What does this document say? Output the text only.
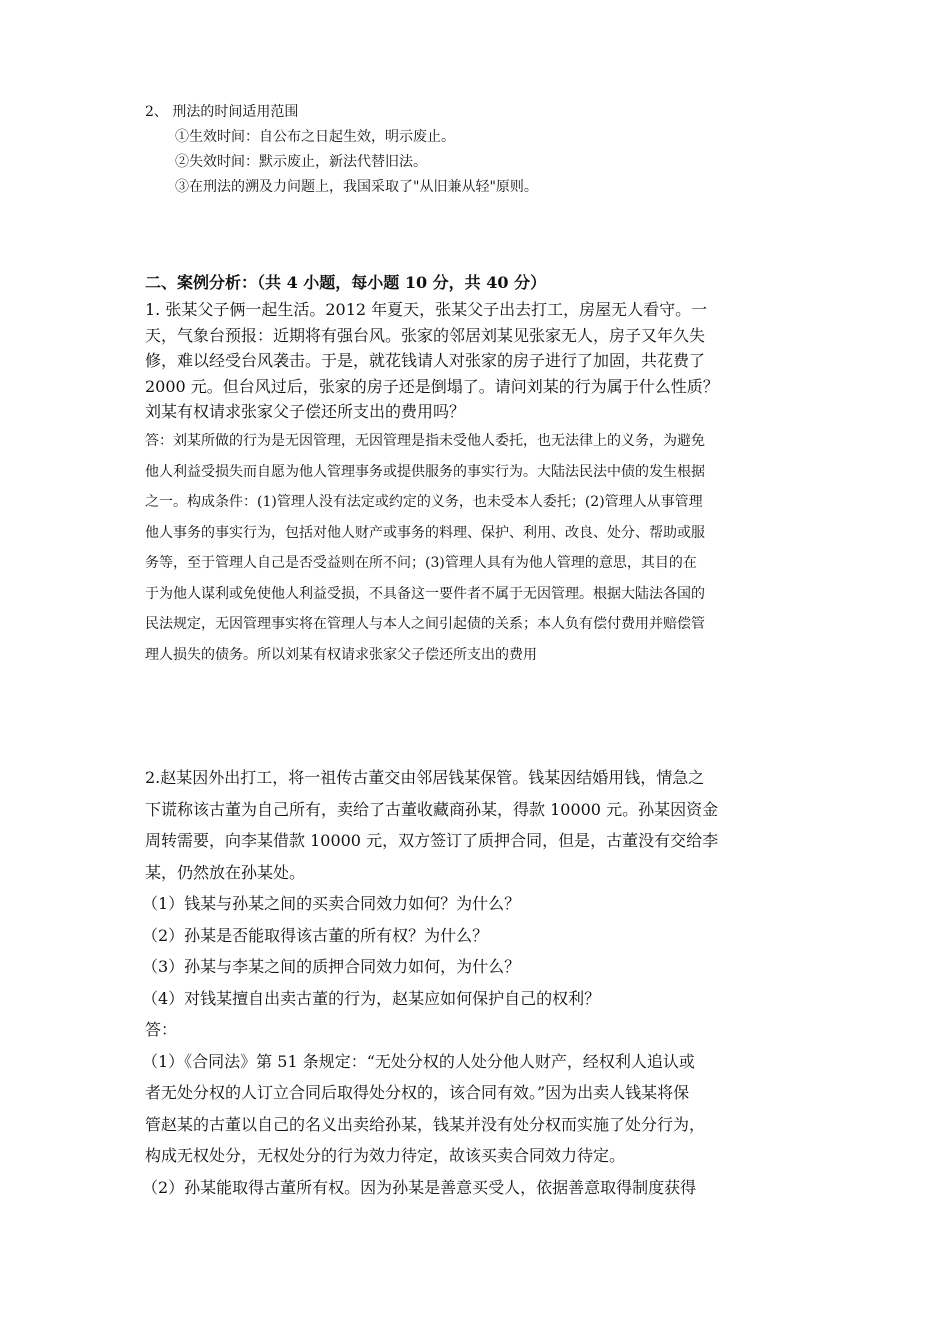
2、 刑法的时间适用范围
①生效时间：自公布之日起生效，明示废止。
②失效时间：默示废止，新法代替旧法。
③在刑法的溯及力问题上，我国采取了"从旧兼从轻"原则。
二、案例分析：（共 4 小题，每小题 10 分，共 40 分）
1. 张某父子俩一起生活。2012 年夏天，张某父子出去打工，房屋无人看守。一
天，气象台预报：近期将有强台风。张家的邻居刘某见张家无人，房子又年久失
修，难以经受台风袭击。于是，就花钱请人对张家的房子进行了加固，共花费了
2000 元。但台风过后，张家的房子还是倒塌了。请问刘某的行为属于什么性质？
刘某有权请求张家父子偿还所支出的费用吗？
答：刘某所做的行为是无因管理，无因管理是指未受他人委托，也无法律上的义务，为避免
他人利益受损失而自愿为他人管理事务或提供服务的事实行为。大陆法民法中债的发生根据
之一。构成条件：(1)管理人没有法定或约定的义务，也未受本人委托；(2)管理人从事管理
他人事务的事实行为，包括对他人财产或事务的料理、保护、利用、改良、处分、帮助或服
务等，至于管理人自己是否受益则在所不问；(3)管理人具有为他人管理的意思，其目的在
于为他人谋利或免使他人利益受损，不具备这一要件者不属于无因管理。根据大陆法各国的
民法规定，无因管理事实将在管理人与本人之间引起债的关系；本人负有偿付费用并赔偿管
理人损失的债务。所以刘某有权请求张家父子偿还所支出的费用
2.赵某因外出打工，将一祖传古董交由邻居钱某保管。钱某因结婚用钱，情急之
下谎称该古董为自己所有，卖给了古董收藏商孙某，得款 10000 元。孙某因资金
周转需要，向李某借款 10000 元，双方签订了质押合同，但是，古董没有交给李
某，仍然放在孙某处。
（1）钱某与孙某之间的买卖合同效力如何？为什么？
（2）孙某是否能取得该古董的所有权？为什么？
（3）孙某与李某之间的质押合同效力如何，为什么？
（4）对钱某擅自出卖古董的行为，赵某应如何保护自己的权利？
答：
（1）《合同法》第 51 条规定：“无处分权的人处分他人财产，经权利人追认或
者无处分权的人订立合同后取得处分权的，该合同有效。”因为出卖人钱某将保
管赵某的古董以自己的名义出卖给孙某，钱某并没有处分权而实施了处分行为，
构成无权处分，无权处分的行为效力待定，故该买卖合同效力待定。
（2）孙某能取得古董所有权。因为孙某是善意买受人，依据善意取得制度获得
